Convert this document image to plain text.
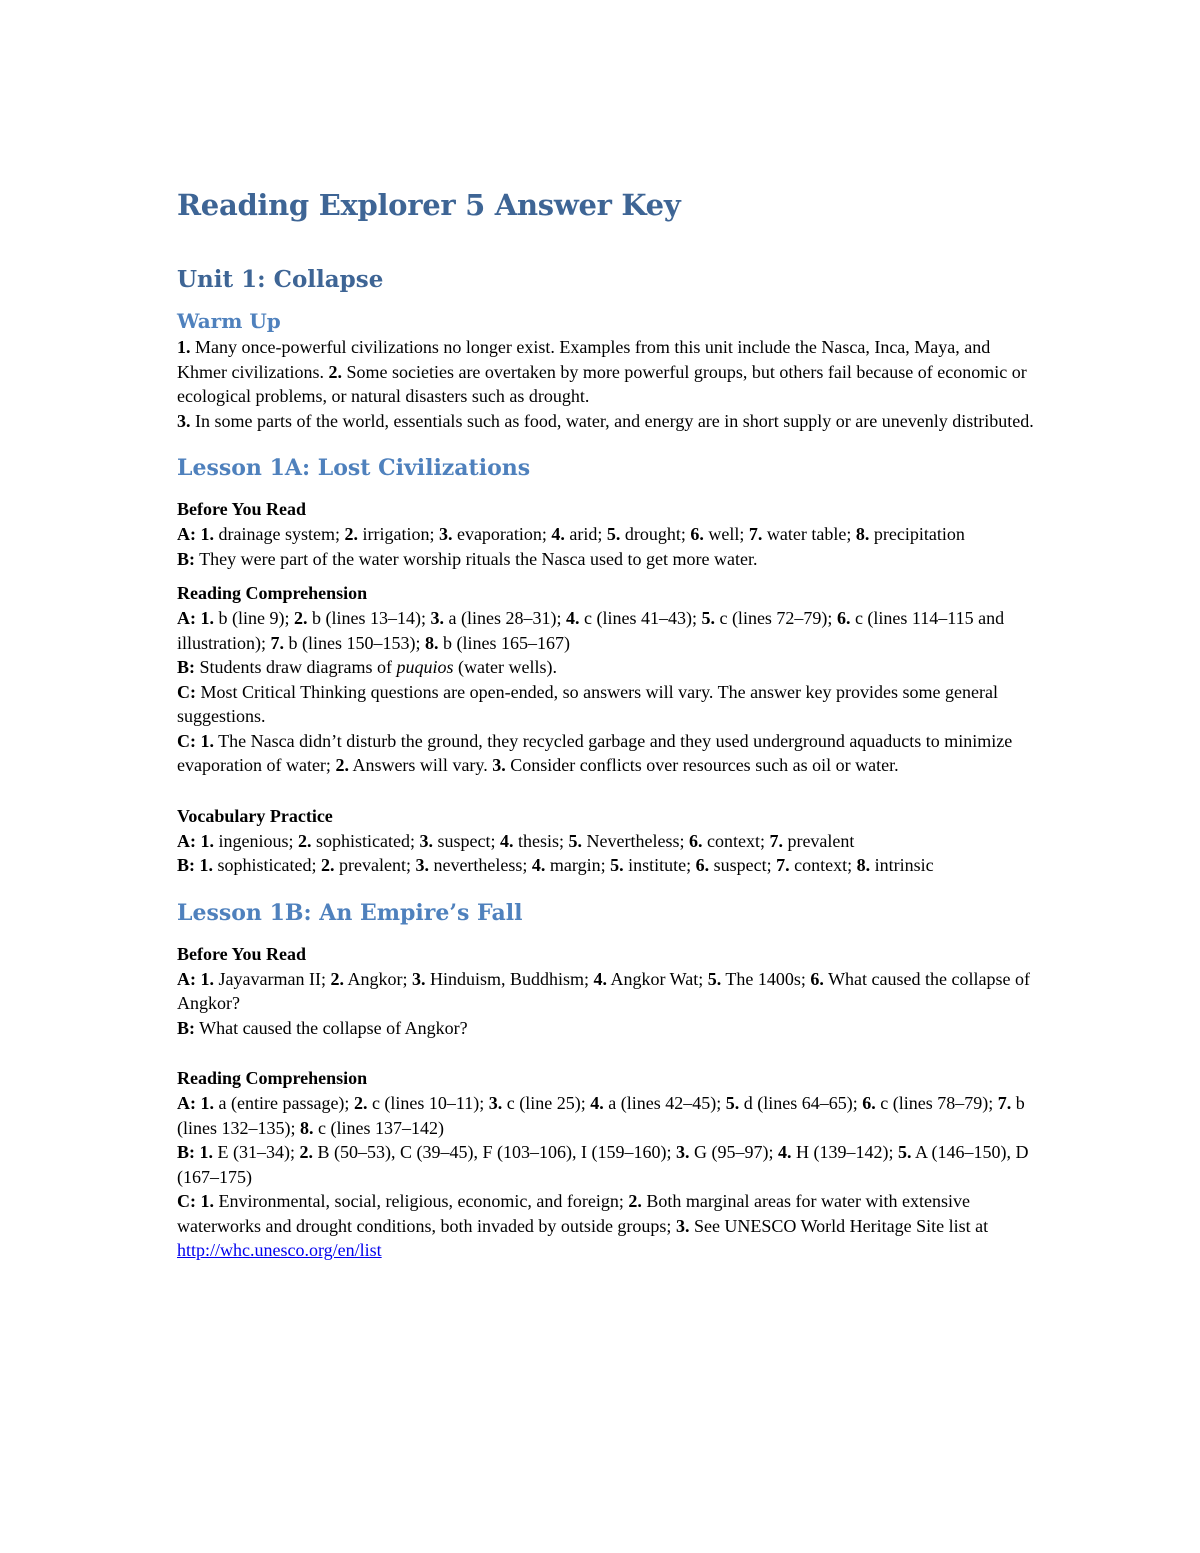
Reading Explorer 5 Answer Key
Unit 1: Collapse
Warm Up

1. Many once-powerful civilizations no longer exist. Examples from this unit include the Nasca, Inca, Maya, and Khmer civilizations. 2. Some societies are overtaken by more powerful groups, but others fail because of economic or ecological problems, or natural disasters such as drought.
3. In some parts of the world, essentials such as food, water, and energy are in short supply or are unevenly distributed.

Lesson 1A: Lost Civilizations

Before You Read

A: 1. drainage system; 2. irrigation; 3. evaporation; 4. arid; 5. drought; 6. well; 7. water table; 8. precipitation

B: They were part of the water worship rituals the Nasca used to get more water.

Reading Comprehension

A: 1. b (line 9); 2. b (lines 13–14); 3. a (lines 28–31); 4. c (lines 41–43); 5. c (lines 72–79); 6. c (lines 114–115 and illustration); 7. b (lines 150–153); 8. b (lines 165–167)

B: Students draw diagrams of puquios (water wells).

C: Most Critical Thinking questions are open-ended, so answers will vary. The answer key provides some general suggestions.

C: 1. The Nasca didn’t disturb the ground, they recycled garbage and they used underground aquaducts to minimize evaporation of water; 2. Answers will vary. 3. Consider conflicts over resources such as oil or water.

Vocabulary Practice

A: 1. ingenious; 2. sophisticated; 3. suspect; 4. thesis; 5. Nevertheless; 6. context; 7. prevalent

B: 1. sophisticated; 2. prevalent; 3. nevertheless; 4. margin; 5. institute; 6. suspect; 7. context; 8. intrinsic

Lesson 1B: An Empire’s Fall

Before You Read

A: 1. Jayavarman II; 2. Angkor; 3. Hinduism, Buddhism; 4. Angkor Wat; 5. The 1400s; 6. What caused the collapse of Angkor?

B: What caused the collapse of Angkor?

Reading Comprehension

A: 1. a (entire passage); 2. c (lines 10–11); 3. c (line 25); 4. a (lines 42–45); 5. d (lines 64–65); 6. c (lines 78–79); 7. b (lines 132–135); 8. c (lines 137–142)

B: 1. E (31–34); 2. B (50–53), C (39–45), F (103–106), I (159–160); 3. G (95–97); 4. H (139–142); 5. A (146–150), D (167–175)

C: 1. Environmental, social, religious, economic, and foreign; 2. Both marginal areas for water with extensive waterworks and drought conditions, both invaded by outside groups; 3. See UNESCO World Heritage Site list at http://whc.unesco.org/en/list
